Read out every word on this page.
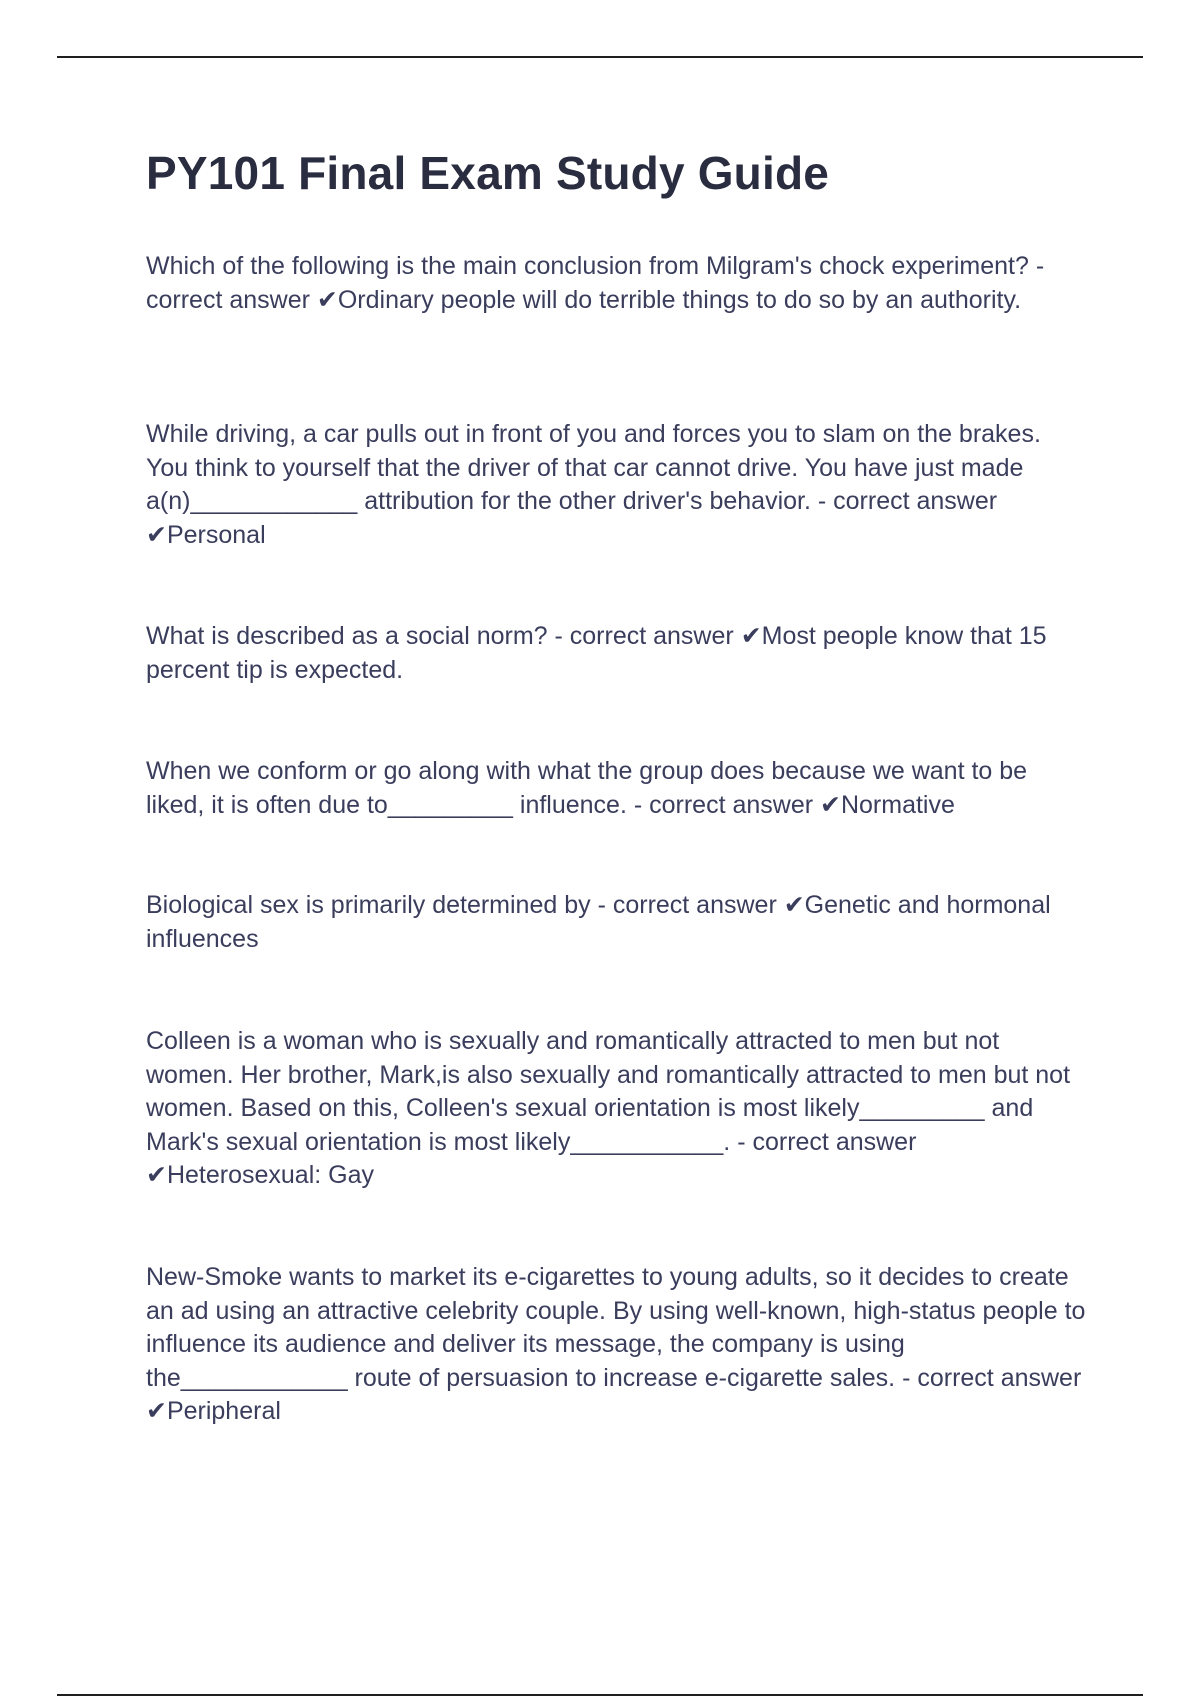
PY101 Final Exam Study Guide

Which of the following is the main conclusion from Milgram's chock experiment? - correct answer ✔Ordinary people will do terrible things to do so by an authority.

While driving, a car pulls out in front of you and forces you to slam on the brakes. You think to yourself that the driver of that car cannot drive. You have just made a(n)____________ attribution for the other driver's behavior. - correct answer ✔Personal

What is described as a social norm? - correct answer ✔Most people know that 15 percent tip is expected.

When we conform or go along with what the group does because we want to be liked, it is often due to_________ influence. - correct answer ✔Normative

Biological sex is primarily determined by - correct answer ✔Genetic and hormonal influences

Colleen is a woman who is sexually and romantically attracted to men but not women. Her brother, Mark,is also sexually and romantically attracted to men but not women. Based on this, Colleen's sexual orientation is most likely_________ and Mark's sexual orientation is most likely___________. - correct answer ✔Heterosexual: Gay

New-Smoke wants to market its e-cigarettes to young adults, so it decides to create an ad using an attractive celebrity couple. By using well-known, high-status people to influence its audience and deliver its message, the company is using the____________ route of persuasion to increase e-cigarette sales. - correct answer ✔Peripheral
